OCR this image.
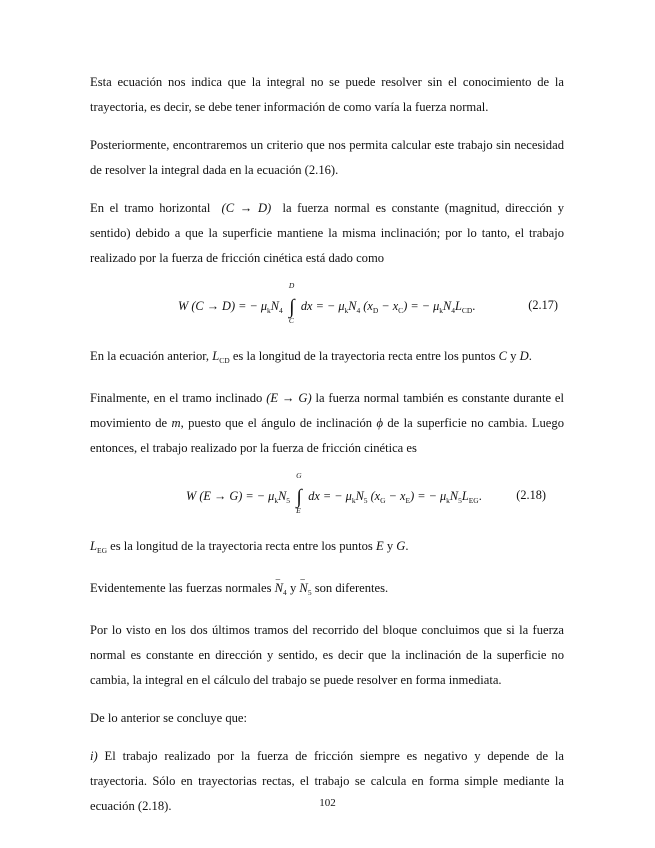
Esta ecuación nos indica que la integral no se puede resolver sin el conocimiento de la trayectoria, es decir, se debe tener información de como varía la fuerza normal.

Posteriormente, encontraremos un criterio que nos permita calcular este trabajo sin necesidad de resolver la integral dada en la ecuación (2.16).

En el tramo horizontal (C → D) la fuerza normal es constante (magnitud, dirección y sentido) debido a que la superficie mantiene la misma inclinación; por lo tanto, el trabajo realizado por la fuerza de fricción cinética está dado como

W (C → D) = − $\mu_kN_4$
D
∫
C
dx = − $\mu_kN_4$ $(x_D - x_C)$ = − $\mu_kN_4L_{CD}$.	(2.17)

En la ecuación anterior, $L_{CD}$ es la longitud de la trayectoria recta entre los puntos C y D.

Finalmente, en el tramo inclinado (E → G) la fuerza normal también es constante durante el movimiento de m, puesto que el ángulo de inclinación ϕ de la superficie no cambia. Luego entonces, el trabajo realizado por la fuerza de fricción cinética es

W (E → G) = − $\mu_kN_5$
G
∫
E
dx = − $\mu_kN_5$ $(x_G - x_E)$ = − $\mu_kN_5L_{EG}$.	(2.18)

$L_{EG}$ es la longitud de la trayectoria recta entre los puntos E y G.

Evidentemente las fuerzas normales – $N_4$ y – $N_5$ son diferentes.

Por lo visto en los dos últimos tramos del recorrido del bloque concluimos que si la fuerza normal es constante en dirección y sentido, es decir que la inclinación de la superficie no cambia, la integral en el cálculo del trabajo se puede resolver en forma inmediata.

De lo anterior se concluye que:

i) El trabajo realizado por la fuerza de fricción siempre es negativo y depende de la trayectoria. Sólo en trayectorias rectas, el trabajo se calcula en forma simple mediante la ecuación (2.18).	102
